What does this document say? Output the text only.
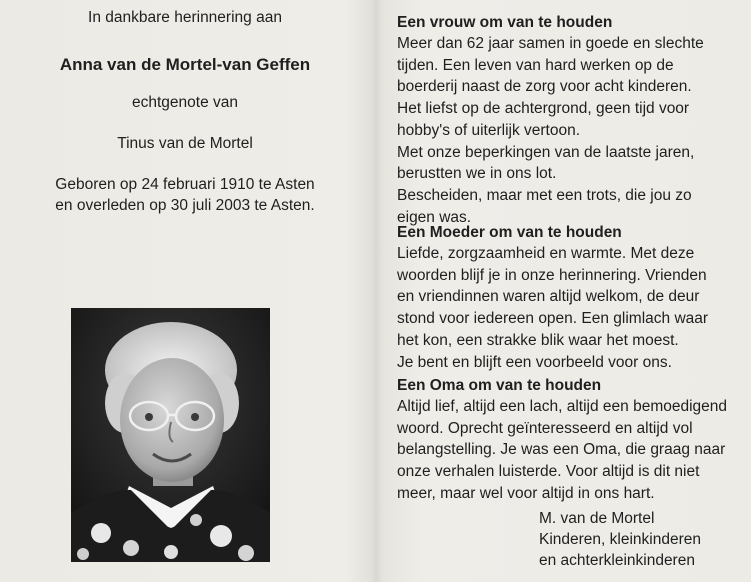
In dankbare herinnering aan
Anna van de Mortel-van Geffen
echtgenote van
Tinus van de Mortel
Geboren op 24 februari 1910 te Asten
en overleden op 30 juli 2003 te Asten.
Een vrouw om van te houden

Meer dan 62 jaar samen in goede en slechte
tijden. Een leven van hard werken op de
boerderij naast de zorg voor acht kinderen.
Het liefst op de achtergrond, geen tijd voor
hobby's of uiterlijk vertoon.
Met onze beperkingen van de laatste jaren,
berustten we in ons lot.
Bescheiden, maar met een trots, die jou zo
eigen was.

Een Moeder om van te houden

Liefde, zorgzaamheid en warmte. Met deze
woorden blijf je in onze herinnering. Vrienden
en vriendinnen waren altijd welkom, de deur
stond voor iedereen open. Een glimlach waar
het kon, een strakke blik waar het moest.
Je bent en blijft een voorbeeld voor ons.

Een Oma om van te houden

Altijd lief, altijd een lach, altijd een bemoedigend
woord. Oprecht geïnteresseerd en altijd vol
belangstelling. Je was een Oma, die graag naar
onze verhalen luisterde. Voor altijd is dit niet
meer, maar wel voor altijd in ons hart.

M. van de Mortel
Kinderen, kleinkinderen
en achterkleinkinderen
